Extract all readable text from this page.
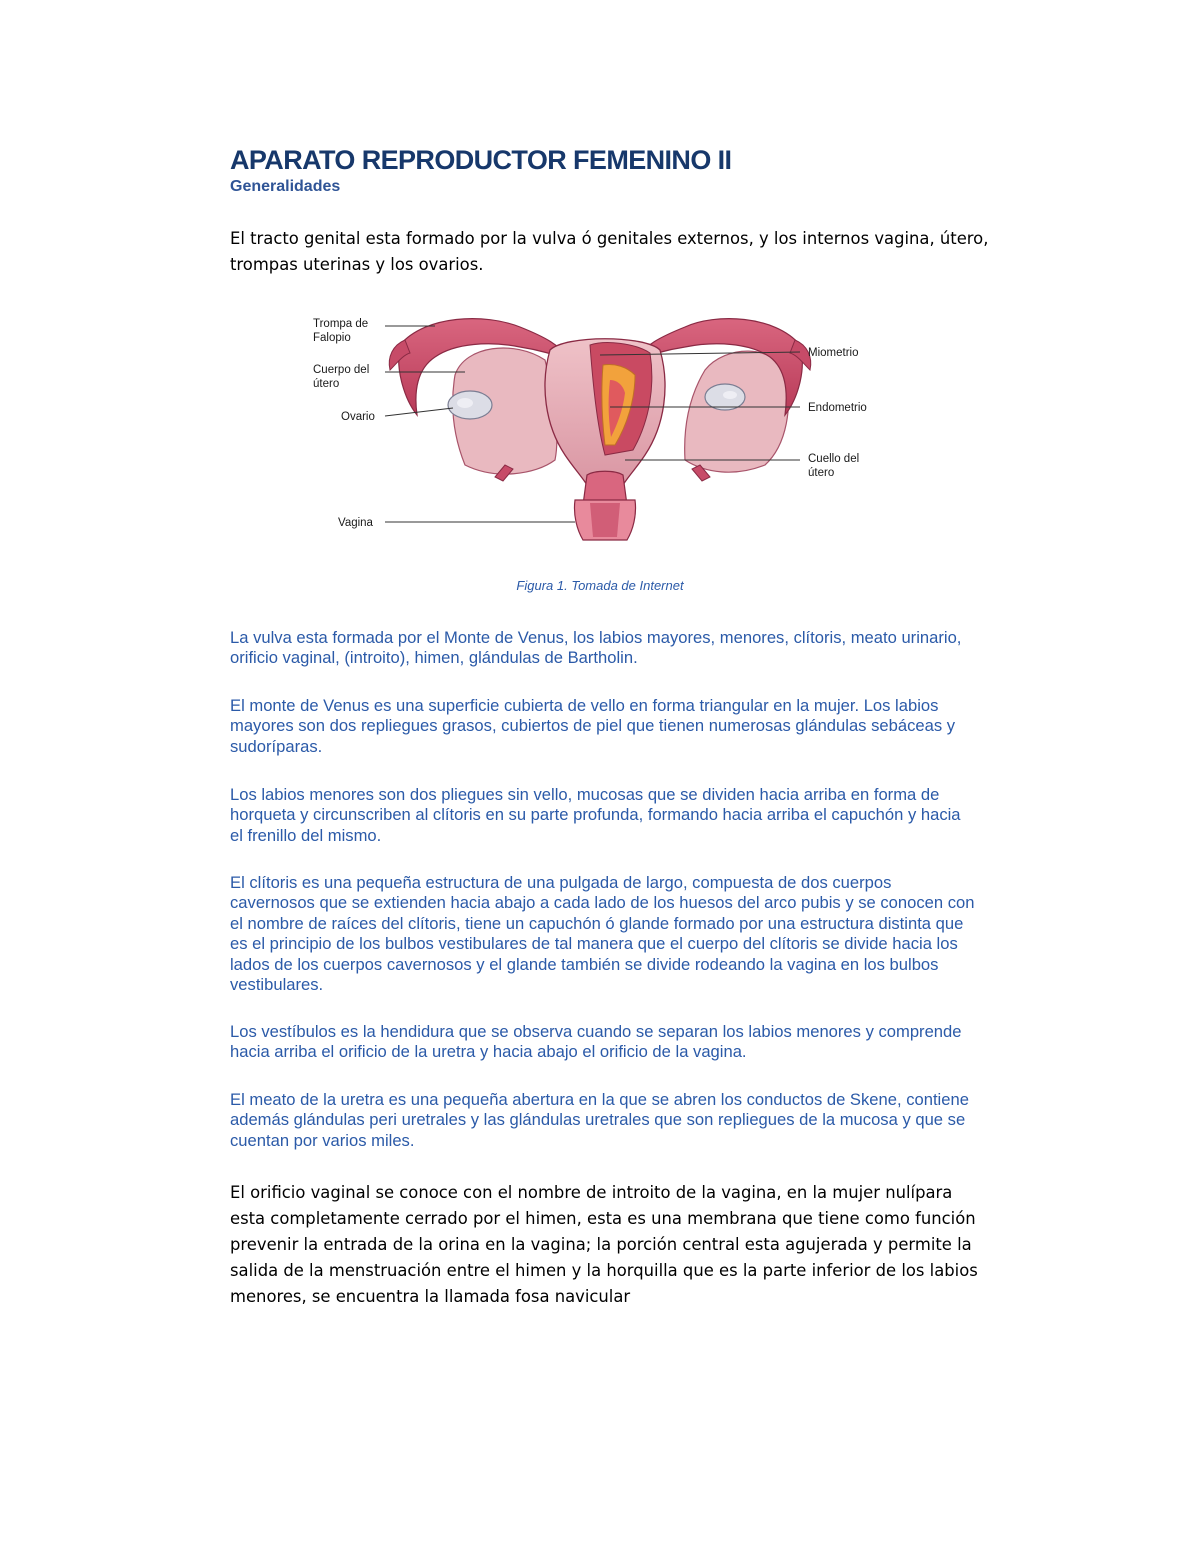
APARATO REPRODUCTOR FEMENINO II
Generalidades

El tracto genital esta formado por la vulva ó genitales externos, y los internos vagina, útero, trompas uterinas y los ovarios.

Trompa de
Falopio
Cuerpo del
útero
Ovario
Vagina
Miometrio
Endometrio
Cuello del
útero

Figura 1. Tomada de Internet

La vulva esta formada por el Monte de Venus, los labios mayores, menores, clítoris, meato urinario, orificio vaginal, (introito), himen, glándulas de Bartholin.

El monte de Venus es una superficie cubierta de vello en forma triangular en la mujer. Los labios mayores son dos repliegues grasos, cubiertos de piel que tienen numerosas glándulas sebáceas y sudoríparas.

Los labios menores son dos pliegues sin vello, mucosas que se dividen hacia arriba en forma de horqueta y circunscriben al clítoris en su parte profunda, formando hacia arriba el capuchón y hacia el frenillo del mismo.

El clítoris es una pequeña estructura de una pulgada de largo, compuesta de dos cuerpos cavernosos que se extienden hacia abajo a cada lado de los huesos del arco pubis y se conocen con el nombre de raíces del clítoris, tiene un capuchón ó glande formado por una estructura distinta que es el principio de los bulbos vestibulares de tal manera que el cuerpo del clítoris se divide hacia los lados de los cuerpos cavernosos y el glande también se divide rodeando la vagina en los bulbos vestibulares.

Los vestíbulos es la hendidura que se observa cuando se separan los labios menores y comprende hacia arriba el orificio de la uretra y hacia abajo el orificio de la vagina.

El meato de la uretra es una pequeña abertura en la que se abren los conductos de Skene, contiene además glándulas peri uretrales y las glándulas uretrales que son repliegues de la mucosa y que se cuentan por varios miles.

El orificio vaginal se conoce con el nombre de introito de la vagina, en la mujer nulípara esta completamente cerrado por el himen, esta es una membrana que tiene como función prevenir la entrada de la orina en la vagina; la porción central esta agujerada y permite la salida de la menstruación entre el himen y la horquilla que es la parte inferior de los labios menores, se encuentra la llamada fosa navicular
